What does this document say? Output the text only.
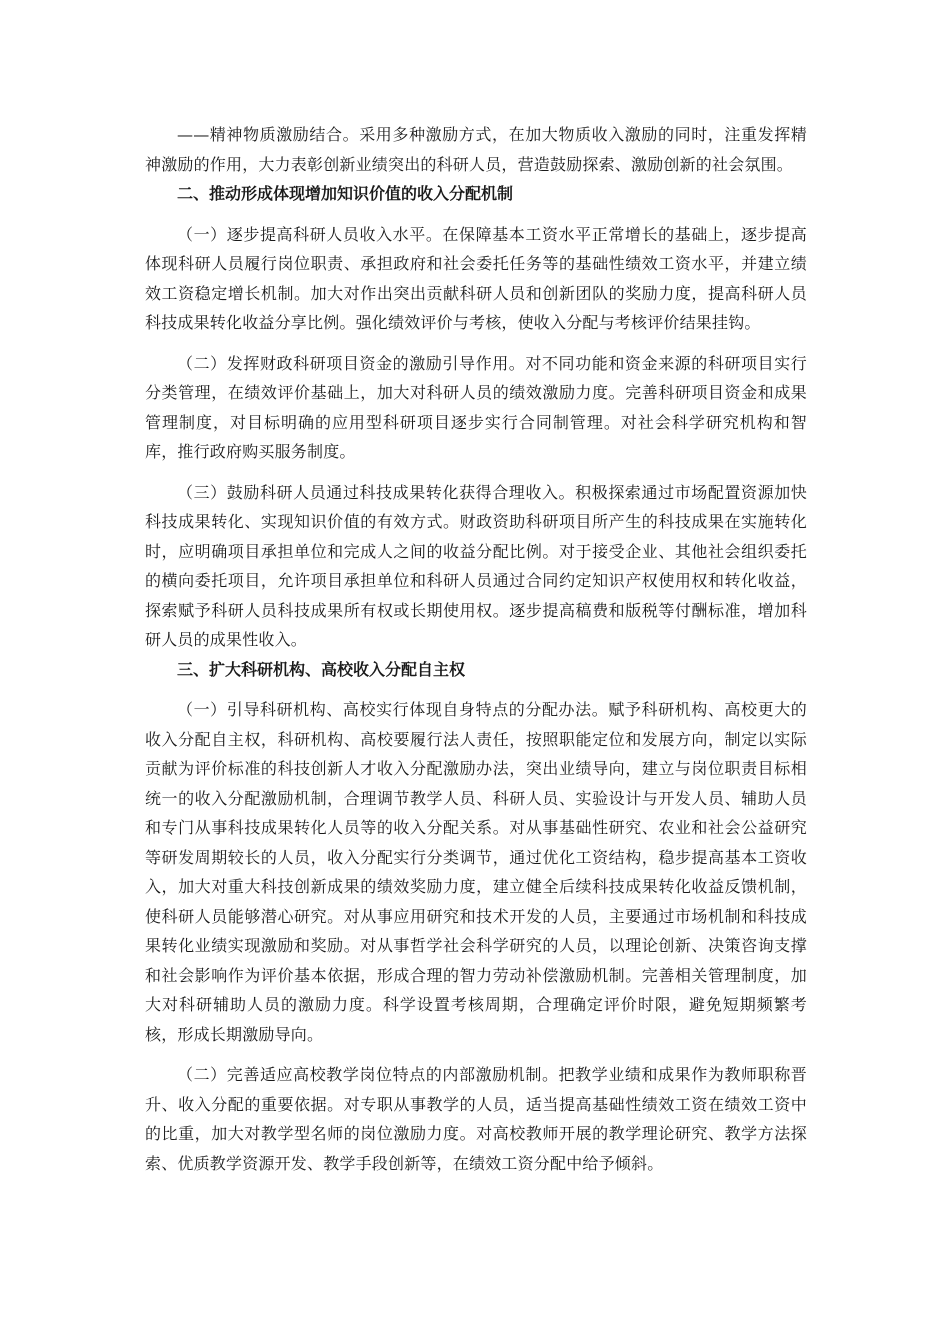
——精神物质激励结合。采用多种激励方式，在加大物质收入激励的同时，注重发挥精神激励的作用，大力表彰创新业绩突出的科研人员，营造鼓励探索、激励创新的社会氛围。

二、推动形成体现增加知识价值的收入分配机制

（一）逐步提高科研人员收入水平。在保障基本工资水平正常增长的基础上，逐步提高体现科研人员履行岗位职责、承担政府和社会委托任务等的基础性绩效工资水平，并建立绩效工资稳定增长机制。加大对作出突出贡献科研人员和创新团队的奖励力度，提高科研人员科技成果转化收益分享比例。强化绩效评价与考核，使收入分配与考核评价结果挂钩。

（二）发挥财政科研项目资金的激励引导作用。对不同功能和资金来源的科研项目实行分类管理，在绩效评价基础上，加大对科研人员的绩效激励力度。完善科研项目资金和成果管理制度，对目标明确的应用型科研项目逐步实行合同制管理。对社会科学研究机构和智库，推行政府购买服务制度。

（三）鼓励科研人员通过科技成果转化获得合理收入。积极探索通过市场配置资源加快科技成果转化、实现知识价值的有效方式。财政资助科研项目所产生的科技成果在实施转化时，应明确项目承担单位和完成人之间的收益分配比例。对于接受企业、其他社会组织委托的横向委托项目，允许项目承担单位和科研人员通过合同约定知识产权使用权和转化收益，探索赋予科研人员科技成果所有权或长期使用权。逐步提高稿费和版税等付酬标准，增加科研人员的成果性收入。

三、扩大科研机构、高校收入分配自主权

（一）引导科研机构、高校实行体现自身特点的分配办法。赋予科研机构、高校更大的收入分配自主权，科研机构、高校要履行法人责任，按照职能定位和发展方向，制定以实际贡献为评价标准的科技创新人才收入分配激励办法，突出业绩导向，建立与岗位职责目标相统一的收入分配激励机制，合理调节教学人员、科研人员、实验设计与开发人员、辅助人员和专门从事科技成果转化人员等的收入分配关系。对从事基础性研究、农业和社会公益研究等研发周期较长的人员，收入分配实行分类调节，通过优化工资结构，稳步提高基本工资收入，加大对重大科技创新成果的绩效奖励力度，建立健全后续科技成果转化收益反馈机制，使科研人员能够潜心研究。对从事应用研究和技术开发的人员，主要通过市场机制和科技成果转化业绩实现激励和奖励。对从事哲学社会科学研究的人员，以理论创新、决策咨询支撑和社会影响作为评价基本依据，形成合理的智力劳动补偿激励机制。完善相关管理制度，加大对科研辅助人员的激励力度。科学设置考核周期，合理确定评价时限，避免短期频繁考核，形成长期激励导向。

（二）完善适应高校教学岗位特点的内部激励机制。把教学业绩和成果作为教师职称晋升、收入分配的重要依据。对专职从事教学的人员，适当提高基础性绩效工资在绩效工资中的比重，加大对教学型名师的岗位激励力度。对高校教师开展的教学理论研究、教学方法探索、优质教学资源开发、教学手段创新等，在绩效工资分配中给予倾斜。
